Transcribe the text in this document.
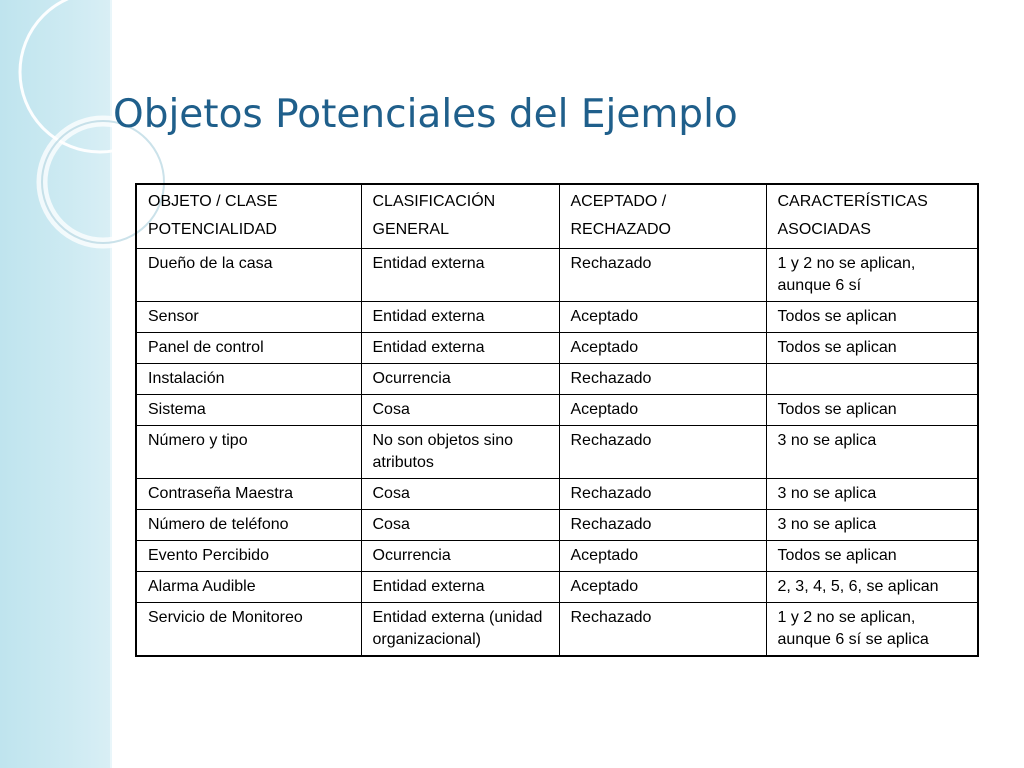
Objetos Potenciales del Ejemplo
OBJETO / CLASE POTENCIALIDAD	CLASIFICACIÓN GENERAL	ACEPTADO / RECHAZADO	CARACTERÍSTICAS ASOCIADAS
Dueño de la casa	Entidad externa	Rechazado	1 y 2 no se aplican, aunque 6 sí
Sensor	Entidad externa	Aceptado	Todos se aplican
Panel de control	Entidad externa	Aceptado	Todos se aplican
Instalación	Ocurrencia	Rechazado	
Sistema	Cosa	Aceptado	Todos se aplican
Número y tipo	No son objetos sino atributos	Rechazado	3 no se aplica
Contraseña Maestra	Cosa	Rechazado	3 no se aplica
Número de teléfono	Cosa	Rechazado	3 no se aplica
Evento Percibido	Ocurrencia	Aceptado	Todos se aplican
Alarma Audible	Entidad externa	Aceptado	2, 3, 4, 5, 6, se aplican
Servicio de Monitoreo	Entidad externa (unidad organizacional)	Rechazado	1 y 2 no se aplican, aunque 6 sí se aplica
